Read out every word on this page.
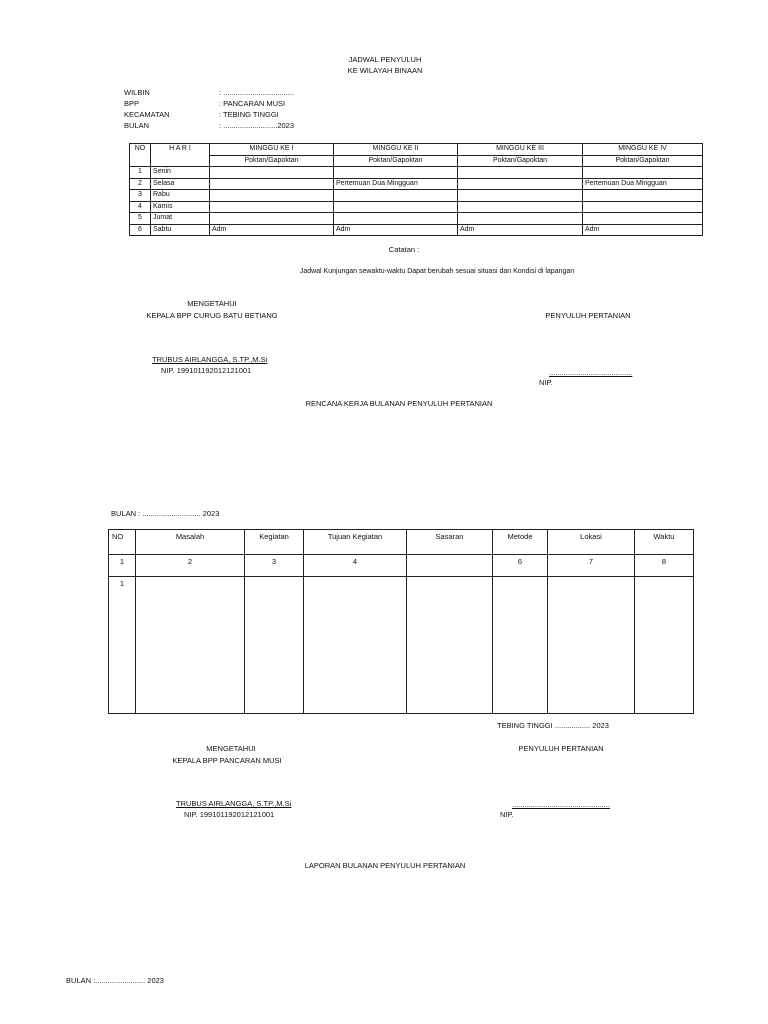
JADWAL PENYULUH
KE WILAYAH BINAAN
WILBIN	: ..................................
BPP	: PANCARAN MUSI
KECAMATAN	: TEBING TINGGI
BULAN	: ..........................2023
NO	H A R I	MINGGU KE I	MINGGU KE II	MINGGU KE III	MINGGU KE IV
		Poktan/Gapoktan	Poktan/Gapoktan	Poktan/Gapoktan	Poktan/Gapoktan
1	Senin				
2	Selasa		Pertemuan Dua Mingguan		Pertemuan Dua Mingguan
3	Rabu				
4	Kamis				
5	Jumat				
6	Sabtu	Adm	Adm	Adm	Adm
Catatan :
Jadwal Kunjungan sewaktu-waktu Dapat berubah sesuai situasi dan Kondisi di lapangan
MENGETAHUI
KEPALA BPP CURUG BATU BETIANG	PENYULUH PERTANIAN
TRUBUS AIRLANGGA, S.TP.,M.Si
NIP. 199101192012121001	........................................
NIP.
RENCANA KERJA BULANAN PENYULUH PERTANIAN
BULAN : ............................ 2023
NO	Masalah	Kegiatan	Tujuan Kegiatan	Sasaran	Metode	Lokasi	Waktu
1	2	3	4		6	7	8
1							
TEBING TINGGI ................. 2023
MENGETAHUI	PENYULUH PERTANIAN
KEPALA BPP PANCARAN MUSI
TRUBUS AIRLANGGA, S.TP.,M.Si
NIP. 199101192012121001
...............................................
NIP.
LAPORAN BULANAN PENYULUH PERTANIAN
BULAN :........................ 2023
